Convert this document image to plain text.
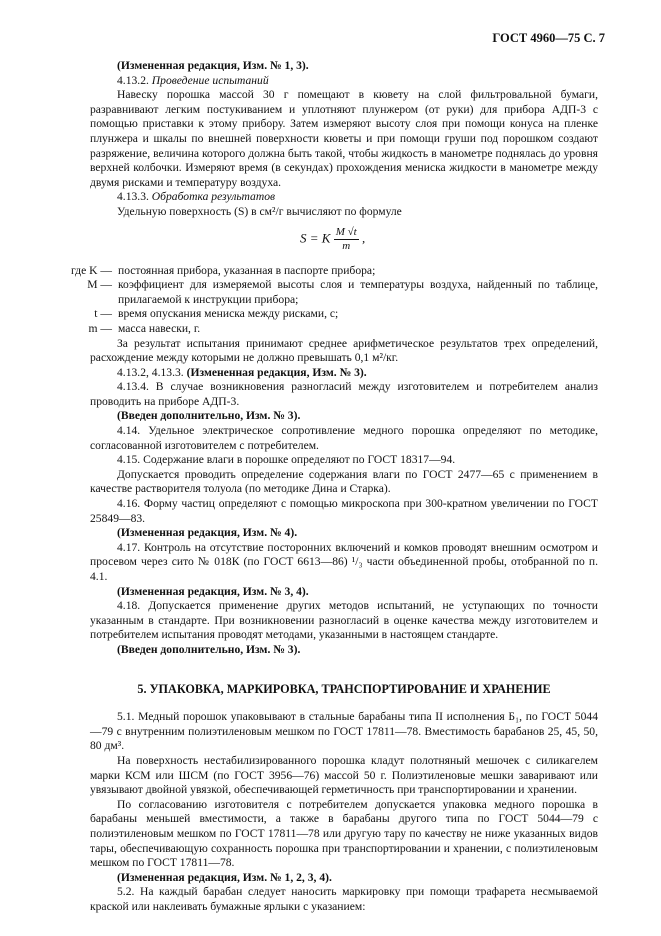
ГОСТ 4960—75 С. 7

(Измененная редакция, Изм. № 1, 3).

4.13.2. Проведение испытаний

Навеску порошка массой 30 г помещают в кювету на слой фильтровальной бумаги, разравнивают легким постукиванием и уплотняют плунжером (от руки) для прибора АДП-3 с помощью приставки к этому прибору. Затем измеряют высоту слоя при помощи конуса на пленке плунжера и шкалы по внешней поверхности кюветы и при помощи груши под порошком создают разряжение, величина которого должна быть такой, чтобы жидкость в манометре поднялась до уровня верхней колбочки. Измеряют время (в секундах) прохождения мениска жидкости в манометре между двумя рисками и температуру воздуха.

4.13.3. Обработка результатов

Удельную поверхность (S) в см²/г вычисляют по формуле

S = K $\frac{M √t}{m}$ ,
где K — постоянная прибора, указанная в паспорте прибора;
M — коэффициент для измеряемой высоты слоя и температуры воздуха, найденный по таблице, прилагаемой к инструкции прибора;
t — время опускания мениска между рисками, с;
m — масса навески, г.

За результат испытания принимают среднее арифметическое результатов трех определений, расхождение между которыми не должно превышать 0,1 м²/кг.

4.13.2, 4.13.3. (Измененная редакция, Изм. № 3).

4.13.4. В случае возникновения разногласий между изготовителем и потребителем анализ проводить на приборе АДП-3.

(Введен дополнительно, Изм. № 3).

4.14. Удельное электрическое сопротивление медного порошка определяют по методике, согласованной изготовителем с потребителем.

4.15. Содержание влаги в порошке определяют по ГОСТ 18317—94.

Допускается проводить определение содержания влаги по ГОСТ 2477—65 с применением в качестве растворителя толуола (по методике Дина и Старка).

4.16. Форму частиц определяют с помощью микроскопа при 300-кратном увеличении по ГОСТ 25849—83.

(Измененная редакция, Изм. № 4).

4.17. Контроль на отсутствие посторонних включений и комков проводят внешним осмотром и просевом через сито № 018К (по ГОСТ 6613—86) ¹/₃ части объединенной пробы, отобранной по п. 4.1.

(Измененная редакция, Изм. № 3, 4).

4.18. Допускается применение других методов испытаний, не уступающих по точности указанным в стандарте. При возникновении разногласий в оценке качества между изготовителем и потребителем испытания проводят методами, указанными в настоящем стандарте.

(Введен дополнительно, Изм. № 3).

5. УПАКОВКА, МАРКИРОВКА, ТРАНСПОРТИРОВАНИЕ И ХРАНЕНИЕ

5.1. Медный порошок упаковывают в стальные барабаны типа II исполнения Б₁, по ГОСТ 5044—79 с внутренним полиэтиленовым мешком по ГОСТ 17811—78. Вместимость барабанов 25, 45, 50, 80 дм³.

На поверхность нестабилизированного порошка кладут полотняный мешочек с силикагелем марки КСМ или ШСМ (по ГОСТ 3956—76) массой 50 г. Полиэтиленовые мешки заваривают или увязывают двойной увязкой, обеспечивающей герметичность при транспортировании и хранении.

По согласованию изготовителя с потребителем допускается упаковка медного порошка в барабаны меньшей вместимости, а также в барабаны другого типа по ГОСТ 5044—79 с полиэтиленовым мешком по ГОСТ 17811—78 или другую тару по качеству не ниже указанных видов тары, обеспечивающую сохранность порошка при транспортировании и хранении, с полиэтиленовым мешком по ГОСТ 17811—78.

(Измененная редакция, Изм. № 1, 2, 3, 4).

5.2. На каждый барабан следует наносить маркировку при помощи трафарета несмываемой краской или наклеивать бумажные ярлыки с указанием:
